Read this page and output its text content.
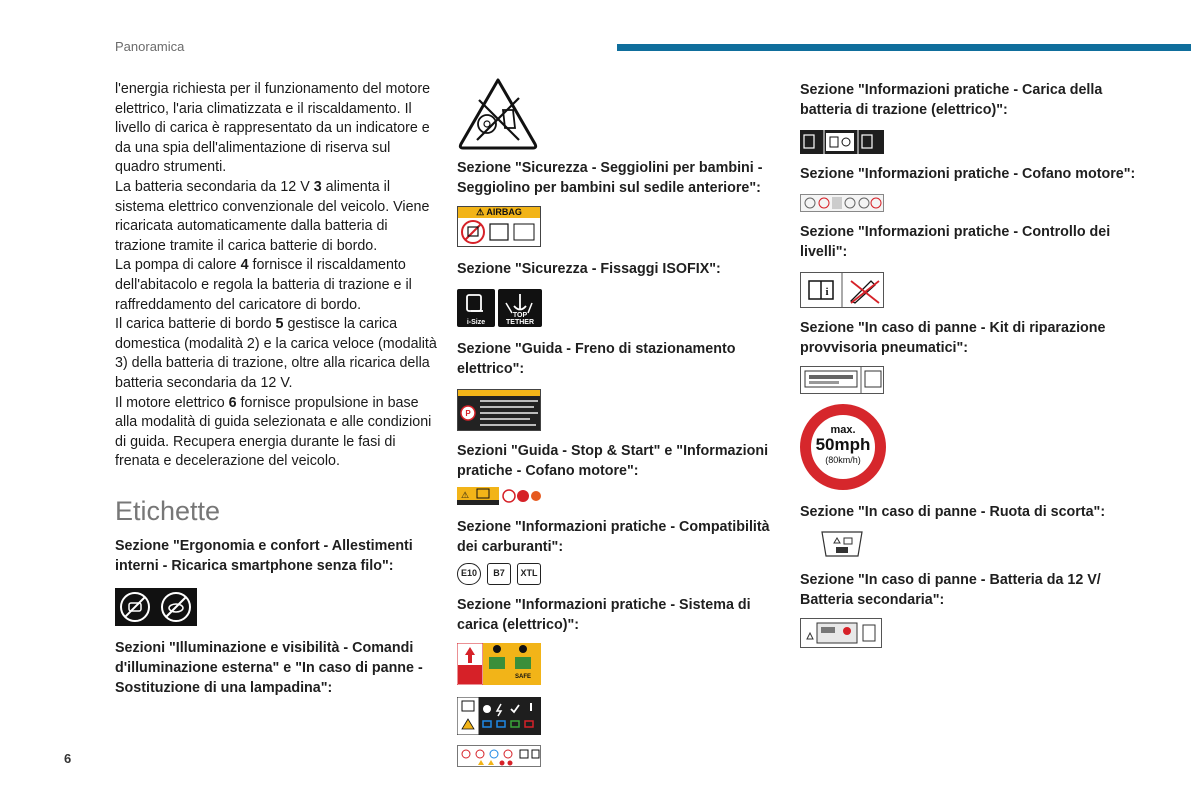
Panoramica

l'energia richiesta per il funzionamento del motore elettrico, l'aria climatizzata e il riscaldamento. Il livello di carica è rappresentato da un indicatore e da una spia dell'alimentazione di riserva sul quadro strumenti.

La batteria secondaria da 12 V 3 alimenta il sistema elettrico convenzionale del veicolo. Viene ricaricata automaticamente dalla batteria di trazione tramite il carica batterie di bordo.

La pompa di calore 4 fornisce il riscaldamento dell'abitacolo e regola la batteria di trazione e il raffreddamento del caricatore di bordo.

Il carica batterie di bordo 5 gestisce la carica domestica (modalità 2) e la carica veloce (modalità 3) della batteria di trazione, oltre alla ricarica della batteria secondaria da 12 V.

Il motore elettrico 6 fornisce propulsione in base alla modalità di guida selezionata e alle condizioni di guida. Recupera energia durante le fasi di frenata e decelerazione del veicolo.

Etichette
Sezione "Ergonomia e confort - Allestimenti interni - Ricarica smartphone senza filo":
Sezioni "Illuminazione e visibilità - Comandi d'illuminazione esterna" e "In caso di panne - Sostituzione di una lampadina":
Sezione "Sicurezza - Seggiolini per bambini - Seggiolino per bambini sul sedile anteriore":
⚠ AIRBAG
Sezione "Sicurezza - Fissaggi ISOFIX":
i-Size
TOP TETHER
Sezione "Guida - Freno di stazionamento elettrico":
P
Sezioni "Guida - Stop & Start" e "Informazioni pratiche - Cofano motore":
⚠
Sezione "Informazioni pratiche - Compatibilità dei carburanti":
E10	B7	XTL
Sezione "Informazioni pratiche - Sistema di carica (elettrico)":
SAFE
Sezione "Informazioni pratiche - Carica della batteria di trazione (elettrico)":
Sezione "Informazioni pratiche - Cofano motore":
Sezione "Informazioni pratiche - Controllo dei livelli":
i
Sezione "In caso di panne - Kit di riparazione provvisoria pneumatici":
max.
50mph
(80km/h)
Sezione "In caso di panne - Ruota di scorta":
Sezione "In caso di panne - Batteria da 12 V/ Batteria secondaria":
6
